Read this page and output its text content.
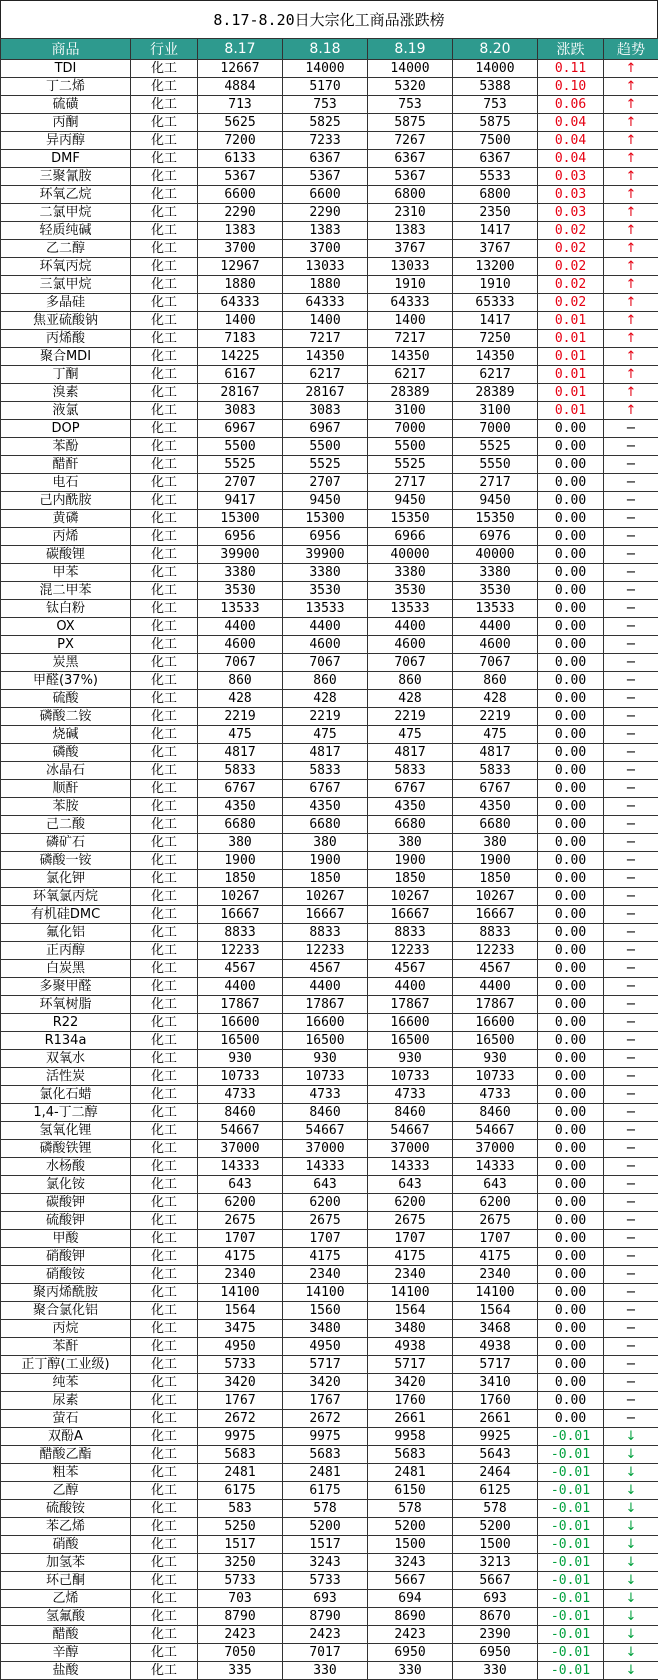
8.17-8.20日大宗化工商品涨跌榜
商品	行业	8.17	8.18	8.19	8.20	涨跌	趋势
TDI	化工	12667	14000	14000	14000	0.11	↑
丁二烯	化工	4884	5170	5320	5388	0.10	↑
硫磺	化工	713	753	753	753	0.06	↑
丙酮	化工	5625	5825	5875	5875	0.04	↑
异丙醇	化工	7200	7233	7267	7500	0.04	↑
DMF	化工	6133	6367	6367	6367	0.04	↑
三聚氰胺	化工	5367	5367	5367	5533	0.03	↑
环氧乙烷	化工	6600	6600	6800	6800	0.03	↑
二氯甲烷	化工	2290	2290	2310	2350	0.03	↑
轻质纯碱	化工	1383	1383	1383	1417	0.02	↑
乙二醇	化工	3700	3700	3767	3767	0.02	↑
环氧丙烷	化工	12967	13033	13033	13200	0.02	↑
三氯甲烷	化工	1880	1880	1910	1910	0.02	↑
多晶硅	化工	64333	64333	64333	65333	0.02	↑
焦亚硫酸钠	化工	1400	1400	1400	1417	0.01	↑
丙烯酸	化工	7183	7217	7217	7250	0.01	↑
聚合MDI	化工	14225	14350	14350	14350	0.01	↑
丁酮	化工	6167	6217	6217	6217	0.01	↑
溴素	化工	28167	28167	28389	28389	0.01	↑
液氯	化工	3083	3083	3100	3100	0.01	↑
DOP	化工	6967	6967	7000	7000	0.00	−
苯酚	化工	5500	5500	5500	5525	0.00	−
醋酐	化工	5525	5525	5525	5550	0.00	−
电石	化工	2707	2707	2717	2717	0.00	−
己内酰胺	化工	9417	9450	9450	9450	0.00	−
黄磷	化工	15300	15300	15350	15350	0.00	−
丙烯	化工	6956	6956	6966	6976	0.00	−
碳酸锂	化工	39900	39900	40000	40000	0.00	−
甲苯	化工	3380	3380	3380	3380	0.00	−
混二甲苯	化工	3530	3530	3530	3530	0.00	−
钛白粉	化工	13533	13533	13533	13533	0.00	−
OX	化工	4400	4400	4400	4400	0.00	−
PX	化工	4600	4600	4600	4600	0.00	−
炭黑	化工	7067	7067	7067	7067	0.00	−
甲醛(37%)	化工	860	860	860	860	0.00	−
硫酸	化工	428	428	428	428	0.00	−
磷酸二铵	化工	2219	2219	2219	2219	0.00	−
烧碱	化工	475	475	475	475	0.00	−
磷酸	化工	4817	4817	4817	4817	0.00	−
冰晶石	化工	5833	5833	5833	5833	0.00	−
顺酐	化工	6767	6767	6767	6767	0.00	−
苯胺	化工	4350	4350	4350	4350	0.00	−
己二酸	化工	6680	6680	6680	6680	0.00	−
磷矿石	化工	380	380	380	380	0.00	−
磷酸一铵	化工	1900	1900	1900	1900	0.00	−
氯化钾	化工	1850	1850	1850	1850	0.00	−
环氧氯丙烷	化工	10267	10267	10267	10267	0.00	−
有机硅DMC	化工	16667	16667	16667	16667	0.00	−
氟化铝	化工	8833	8833	8833	8833	0.00	−
正丙醇	化工	12233	12233	12233	12233	0.00	−
白炭黑	化工	4567	4567	4567	4567	0.00	−
多聚甲醛	化工	4400	4400	4400	4400	0.00	−
环氧树脂	化工	17867	17867	17867	17867	0.00	−
R22	化工	16600	16600	16600	16600	0.00	−
R134a	化工	16500	16500	16500	16500	0.00	−
双氧水	化工	930	930	930	930	0.00	−
活性炭	化工	10733	10733	10733	10733	0.00	−
氯化石蜡	化工	4733	4733	4733	4733	0.00	−
1,4-丁二醇	化工	8460	8460	8460	8460	0.00	−
氢氧化锂	化工	54667	54667	54667	54667	0.00	−
磷酸铁锂	化工	37000	37000	37000	37000	0.00	−
水杨酸	化工	14333	14333	14333	14333	0.00	−
氯化铵	化工	643	643	643	643	0.00	−
碳酸钾	化工	6200	6200	6200	6200	0.00	−
硫酸钾	化工	2675	2675	2675	2675	0.00	−
甲酸	化工	1707	1707	1707	1707	0.00	−
硝酸钾	化工	4175	4175	4175	4175	0.00	−
硝酸铵	化工	2340	2340	2340	2340	0.00	−
聚丙烯酰胺	化工	14100	14100	14100	14100	0.00	−
聚合氯化铝	化工	1564	1560	1564	1564	0.00	−
丙烷	化工	3475	3480	3480	3468	0.00	−
苯酐	化工	4950	4950	4938	4938	0.00	−
正丁醇(工业级)	化工	5733	5717	5717	5717	0.00	−
纯苯	化工	3420	3420	3420	3410	0.00	−
尿素	化工	1767	1767	1760	1760	0.00	−
萤石	化工	2672	2672	2661	2661	0.00	−
双酚A	化工	9975	9975	9958	9925	-0.01	↓
醋酸乙酯	化工	5683	5683	5683	5643	-0.01	↓
粗苯	化工	2481	2481	2481	2464	-0.01	↓
乙醇	化工	6175	6175	6150	6125	-0.01	↓
硫酸铵	化工	583	578	578	578	-0.01	↓
苯乙烯	化工	5250	5200	5200	5200	-0.01	↓
硝酸	化工	1517	1517	1500	1500	-0.01	↓
加氢苯	化工	3250	3243	3243	3213	-0.01	↓
环己酮	化工	5733	5733	5667	5667	-0.01	↓
乙烯	化工	703	693	694	693	-0.01	↓
氢氟酸	化工	8790	8790	8690	8670	-0.01	↓
醋酸	化工	2423	2423	2423	2390	-0.01	↓
辛醇	化工	7050	7017	6950	6950	-0.01	↓
盐酸	化工	335	330	330	330	-0.01	↓
